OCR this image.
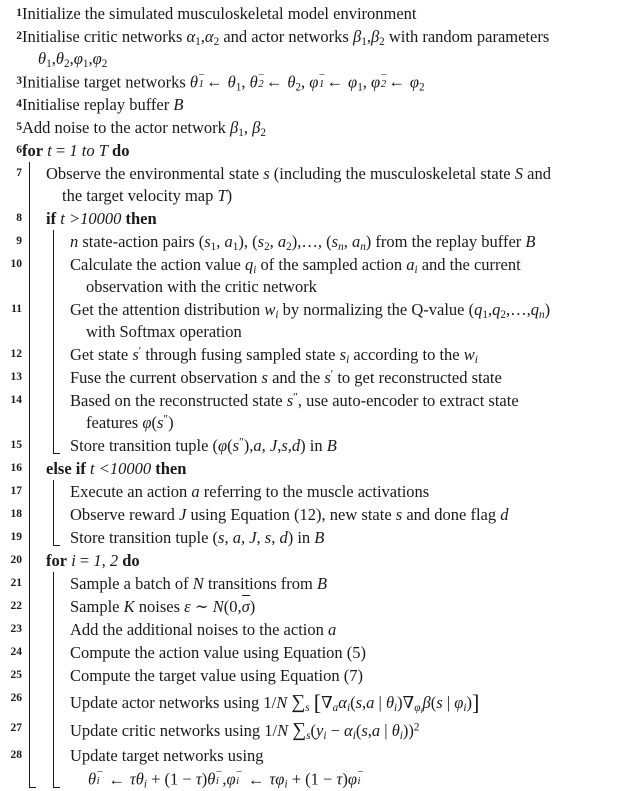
1 Initialize the simulated musculoskeletal model environment
2 Initialise critic networks $\alpha_1,\alpha_2$ and actor networks $\beta_1,\beta_2$ with random parameters
$\theta_1,\theta_2,\varphi_1,\varphi_2$
3 Initialise target networks θ 1
− ← $\theta_1$, θ 2
− ← $\theta_2$, φ 1
− ← $\varphi_1$, φ 2
− ← $\varphi_2$
4 Initialise replay buffer B
5 Add noise to the actor network $\beta_1$, $\beta_2$
6 for t = 1 to T do
7 Observe the environmental state s (including the musculoskeletal state S and
the target velocity map T)
8 if t >10000 then
9	n state-action pairs ($s_1$, $a_1$), ($s_2$, $a_2),\dots$, ($s_n$, $a_n$) from the replay buffer B
10	Calculate the action value $q_i$ of the sampled action $a_i$ and the current
observation with the critic network
11	Get the attention distribution $w_i$ by normalizing the Q-value $(q_1,q_2,\dots,q_n)$
with Softmax operation
12	Get state s′ through fusing sampled state $s_i$ according to the $w_i$
13	Fuse the current observation s and the s′ to get reconstructed state
14	Based on the reconstructed state s″, use auto-encoder to extract state
features φ(s″)
15	Store transition tuple (φ(s″),a, J,s,d) in B
16 else if t <10000 then
17	Execute an action a referring to the muscle activations
18	Observe reward J using Equation (12), new state s and done flag d
19	Store transition tuple (s, a, J, s, d) in B
20 for i = 1, 2 do
21	Sample a batch of N transitions from B
22	Sample K noises ε ∼ N(0,σ)
23	Add the additional noises to the action a
24	Compute the action value using Equation (5)
25	Compute the target value using Equation (7)
26	Update actor networks using 1/N $\sum_s$ [$\nabla_a\alpha_i(s,a$ | $\theta_i)\nabla_{\varphi_i}\beta(s$ | $\varphi_i$)]
27	Update critic networks using 1/N $\sum_s(y_i - \alpha_i(s,a$ | $\theta_i))^2$
28	Update target networks using
θ i
− ← $\tau\theta_i + (1 - \tau)\theta$ i
− ,φ i
− ← $\tau\varphi_i + (1 - \tau)\varphi$ i
−
